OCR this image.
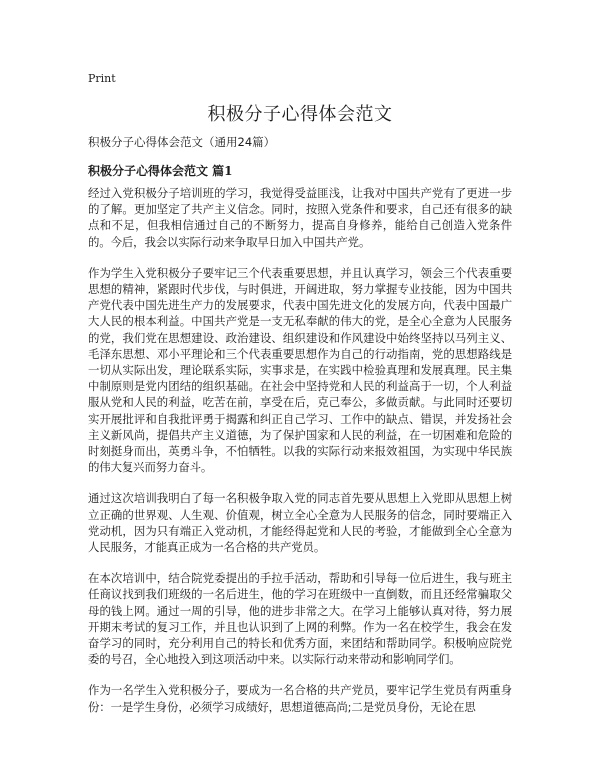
Print
积极分子心得体会范文
积极分子心得体会范文（通用24篇）
积极分子心得体会范文 篇1

经过入党积极分子培训班的学习，我觉得受益匪浅，让我对中国共产党有了更进一步的了解。更加坚定了共产主义信念。同时，按照入党条件和要求，自己还有很多的缺点和不足，但我相信通过自己的不断努力，提高自身修养，能给自己创造入党条件的。今后，我会以实际行动来争取早日加入中国共产党。

作为学生入党积极分子要牢记三个代表重要思想，并且认真学习，领会三个代表重要思想的精神，紧跟时代步伐，与时俱进，开阔进取，努力掌握专业技能，因为中国共产党代表中国先进生产力的发展要求，代表中国先进文化的发展方向，代表中国最广大人民的根本利益。中国共产党是一支无私奉献的伟大的党，是全心全意为人民服务的党，我们党在思想建设、政治建设、组织建设和作风建设中始终坚持以马列主义、毛泽东思想、邓小平理论和三个代表重要思想作为自己的行动指南，党的思想路线是一切从实际出发，理论联系实际，实事求是，在实践中检验真理和发展真理。民主集中制原则是党内团结的组织基础。在社会中坚持党和人民的利益高于一切，个人利益服从党和人民的利益，吃苦在前，享受在后，克己奉公，多做贡献。与此同时还要切实开展批评和自我批评勇于揭露和纠正自己学习、工作中的缺点、错误，并发扬社会主义新风尚，提倡共产主义道德，为了保护国家和人民的利益，在一切困难和危险的时刻挺身而出，英勇斗争，不怕牺牲。以我的实际行动来报效祖国，为实现中华民族的伟大复兴而努力奋斗。

通过这次培训我明白了每一名积极争取入党的同志首先要从思想上入党即从思想上树立正确的世界观、人生观、价值观，树立全心全意为人民服务的信念，同时要端正入党动机，因为只有端正入党动机，才能经得起党和人民的考验，才能做到全心全意为人民服务，才能真正成为一名合格的共产党员。

在本次培训中，结合院党委提出的手拉手活动，帮助和引导每一位后进生，我与班主任商议找到我们班级的一名后进生，他的学习在班级中一直倒数，而且还经常骗取父母的钱上网。通过一周的引导，他的进步非常之大。在学习上能够认真对待，努力展开期末考试的复习工作，并且也认识到了上网的利弊。作为一名在校学生，我会在发奋学习的同时，充分利用自己的特长和优秀方面，来团结和帮助同学。积极响应院党委的号召，全心地投入到这项活动中来。以实际行动来带动和影响同学们。

作为一名学生入党积极分子，要成为一名合格的共产党员，要牢记学生党员有两重身份：一是学生身份，必须学习成绩好，思想道德高尚;二是党员身份，无论在思
